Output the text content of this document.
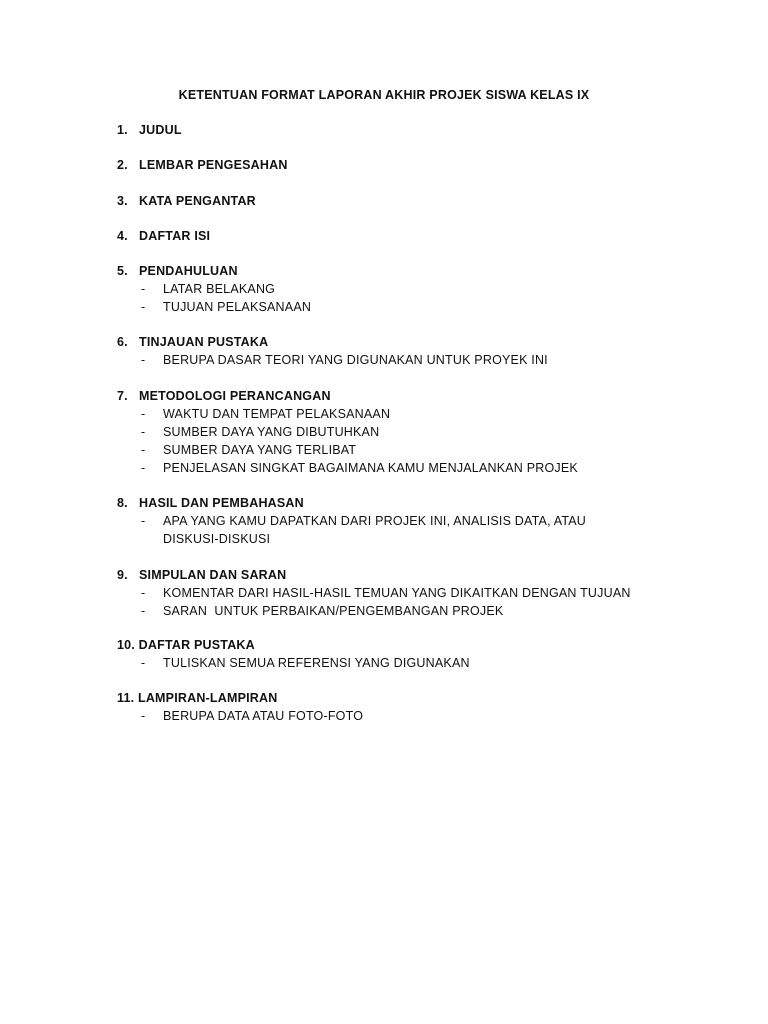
KETENTUAN FORMAT LAPORAN AKHIR PROJEK SISWA KELAS IX
1. JUDUL
2. LEMBAR PENGESAHAN
3. KATA PENGANTAR
4. DAFTAR ISI
5. PENDAHULUAN
- LATAR BELAKANG
- TUJUAN PELAKSANAAN
6. TINJAUAN PUSTAKA
- BERUPA DASAR TEORI YANG DIGUNAKAN UNTUK PROYEK INI
7. METODOLOGI PERANCANGAN
- WAKTU DAN TEMPAT PELAKSANAAN
- SUMBER DAYA YANG DIBUTUHKAN
- SUMBER DAYA YANG TERLIBAT
- PENJELASAN SINGKAT BAGAIMANA KAMU MENJALANKAN PROJEK
8. HASIL DAN PEMBAHASAN
- APA YANG KAMU DAPATKAN DARI PROJEK INI, ANALISIS DATA, ATAU DISKUSI-DISKUSI
9. SIMPULAN DAN SARAN
- KOMENTAR DARI HASIL-HASIL TEMUAN YANG DIKAITKAN DENGAN TUJUAN
- SARAN  UNTUK PERBAIKAN/PENGEMBANGAN PROJEK
10. DAFTAR PUSTAKA
- TULISKAN SEMUA REFERENSI YANG DIGUNAKAN
11. LAMPIRAN-LAMPIRAN
- BERUPA DATA ATAU FOTO-FOTO
